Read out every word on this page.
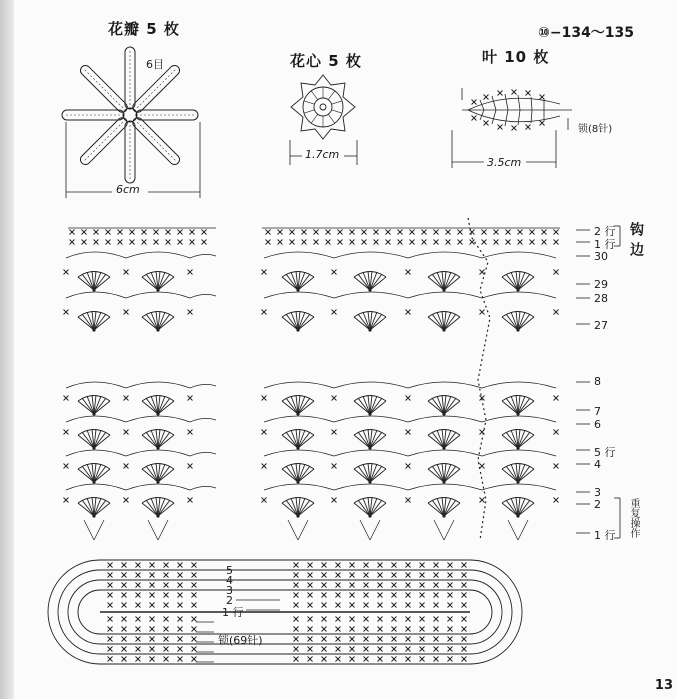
⑩−134～135
花瓣 5 枚
6目
6cm
花心 5 枚
1.7cm
叶 10 枚
锁(8针)
3.5cm
钩边
重复操作
2 行
1 行
30
29
28
27
8
7
6
5 行
4
3
2
1 行
5
4
3
2
1 行
锁(69针)
13
